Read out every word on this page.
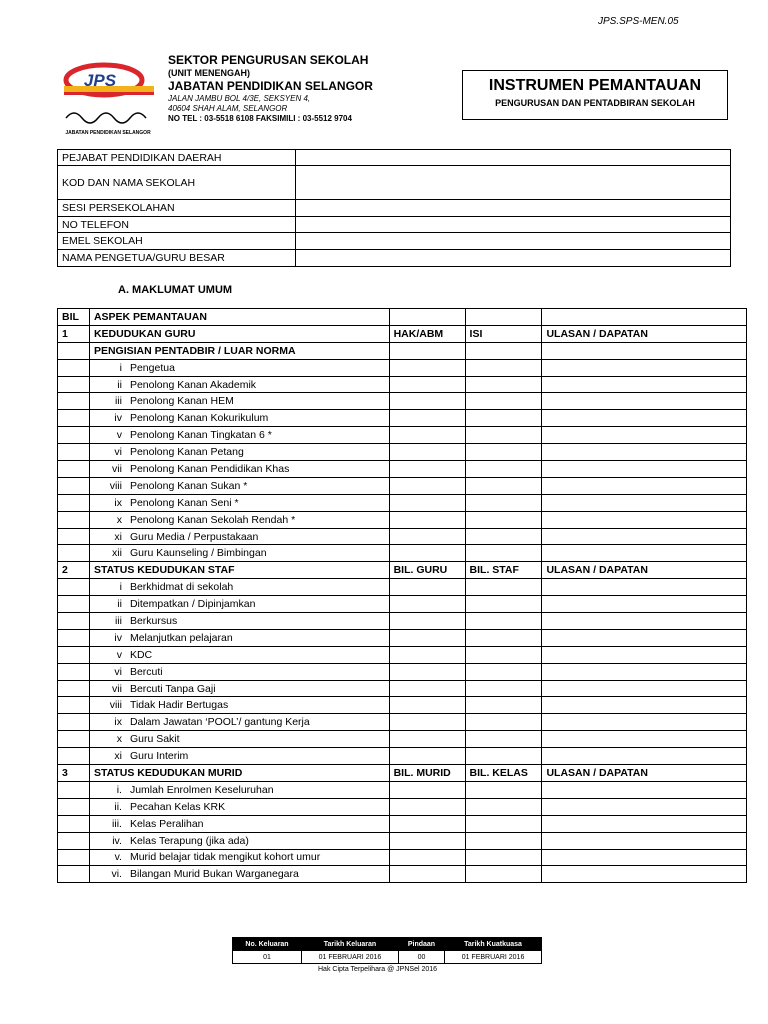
JPS.SPS-MEN.05
JPS
JABATAN PENDIDIKAN SELANGOR
SEKTOR PENGURUSAN SEKOLAH
(UNIT MENENGAH)
JABATAN PENDIDIKAN SELANGOR
JALAN JAMBU BOL 4/3E, SEKSYEN 4,
40604 SHAH ALAM, SELANGOR
NO TEL : 03-5518 6108 FAKSIMILI : 03-5512 9704
INSTRUMEN PEMANTAUAN
PENGURUSAN DAN PENTADBIRAN SEKOLAH
PEJABAT PENDIDIKAN DAERAH	
KOD DAN NAMA SEKOLAH	
SESI PERSEKOLAHAN	
NO TELEFON	
EMEL SEKOLAH	
NAMA PENGETUA/GURU BESAR	
A. MAKLUMAT UMUM
BIL	ASPEK PEMANTAUAN			
1	KEDUDUKAN GURU	HAK/ABM	ISI	ULASAN / DAPATAN
	PENGISIAN PENTADBIR / LUAR NORMA			
	i Pengetua			
	ii Penolong Kanan Akademik			
	iii Penolong Kanan HEM			
	iv Penolong Kanan Kokurikulum			
	v Penolong Kanan Tingkatan 6 *			
	vi Penolong Kanan Petang			
	vii Penolong Kanan Pendidikan Khas			
	viii Penolong Kanan Sukan *			
	ix Penolong Kanan Seni *			
	x Penolong Kanan Sekolah Rendah *			
	xi Guru Media / Perpustakaan			
	xii Guru Kaunseling / Bimbingan			
2	STATUS KEDUDUKAN STAF	BIL. GURU	BIL. STAF	ULASAN / DAPATAN
	i Berkhidmat di sekolah			
	ii Ditempatkan / Dipinjamkan			
	iii Berkursus			
	iv Melanjutkan pelajaran			
	v KDC			
	vi Bercuti			
	vii Bercuti Tanpa Gaji			
	viii Tidak Hadir Bertugas			
	ix Dalam Jawatan ‘POOL’/ gantung Kerja			
	x Guru Sakit			
	xi Guru Interim			
3	STATUS KEDUDUKAN MURID	BIL. MURID	BIL. KELAS	ULASAN / DAPATAN
	i. Jumlah Enrolmen Keseluruhan			
	ii. Pecahan Kelas KRK			
	iii. Kelas Peralihan			
	iv. Kelas Terapung (jika ada)			
	v. Murid belajar tidak mengikut kohort umur			
	vi. Bilangan Murid Bukan Warganegara			
No. Keluaran	Tarikh Keluaran	Pindaan	Tarikh Kuatkuasa
01	01 FEBRUARI 2016	00	01 FEBRUARI 2016
Hak Cipta Terpelihara @ JPNSel 2016
